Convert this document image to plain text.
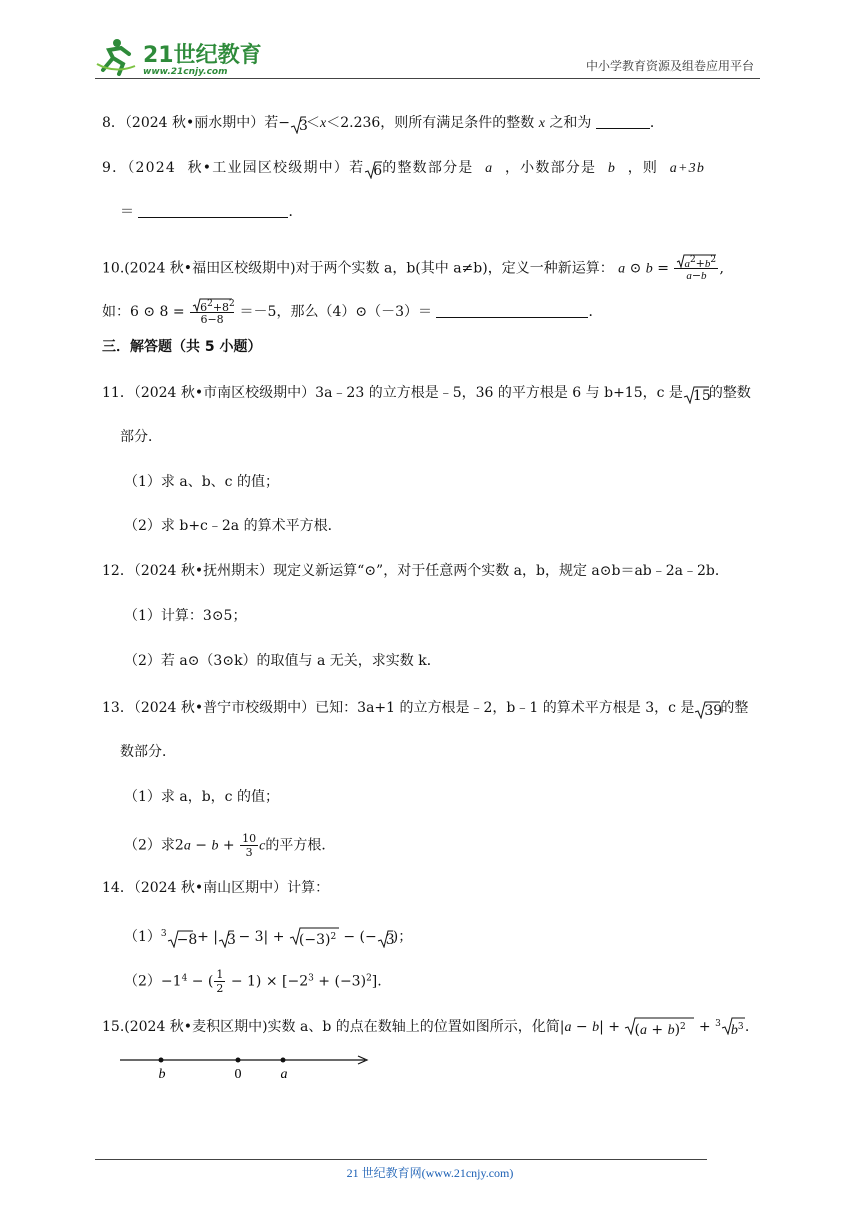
21世纪教育
www.21cnjy.com	中小学教育资源及组卷应用平台
8．（2024 秋•丽水期中）若− 3＜x＜2.236，则所有满足条件的整数 x 之和为	．
9．（2024 秋•工业园区校级期中）若 6的整数部分是 a ，小数部分是 b ，则 a+3b
＝	．
10.(2024 秋•福田区校级期中)对于两个实数 a，b(其中 a≠b)，定义一种新运算： a ⊙ $b = \frac{a^2+b^2}{a-b}$ ,
如：6 ⊙ $8 = \frac{6^2+8^2}{6-8} =-5$，那么（4）⊙（－3）＝	．
三．解答题（共 5 小题）
11．（2024 秋•市南区校级期中）3a﹣23 的立方根是﹣5，36 的平方根是 6 与 b+15，c 是 15的整数
部分．
（1）求 a、b、c 的值；
（2）求 b+c﹣2a 的算术平方根．
12．（2024 秋•抚州期末）现定义新运算“⊙”，对于任意两个实数 a，b，规定 a⊙b＝ab﹣2a﹣2b．
（1）计算：3⊙5；
（2）若 a⊙（3⊙k）的取值与 a 无关，求实数 k．
13．（2024 秋•普宁市校级期中）已知：3a+1 的立方根是﹣2，b﹣1 的算术平方根是 3，c 是 39的整
数部分．
（1）求 a，b，c 的值；
（2）求$2a - b + \frac{10}{3}$ c的平方根．
14．（2024 秋•南山区期中）计算：
$(1)^3 -8$ + | 3 − 3| +
$(-3)^2$ − (− 3)；
$(2)-1^4$ − ( $\frac{1}{2} - 1) \times [-2^3 + (-3)^2]$.
15.(2024 秋•麦积区期中)实数 a、b 的点在数轴上的位置如图所示，化简|a − b| +
$(a + b)^2 + ^3$ $b^3$.
b	0	a
21 世纪教育网(www.21cnjy.com)
